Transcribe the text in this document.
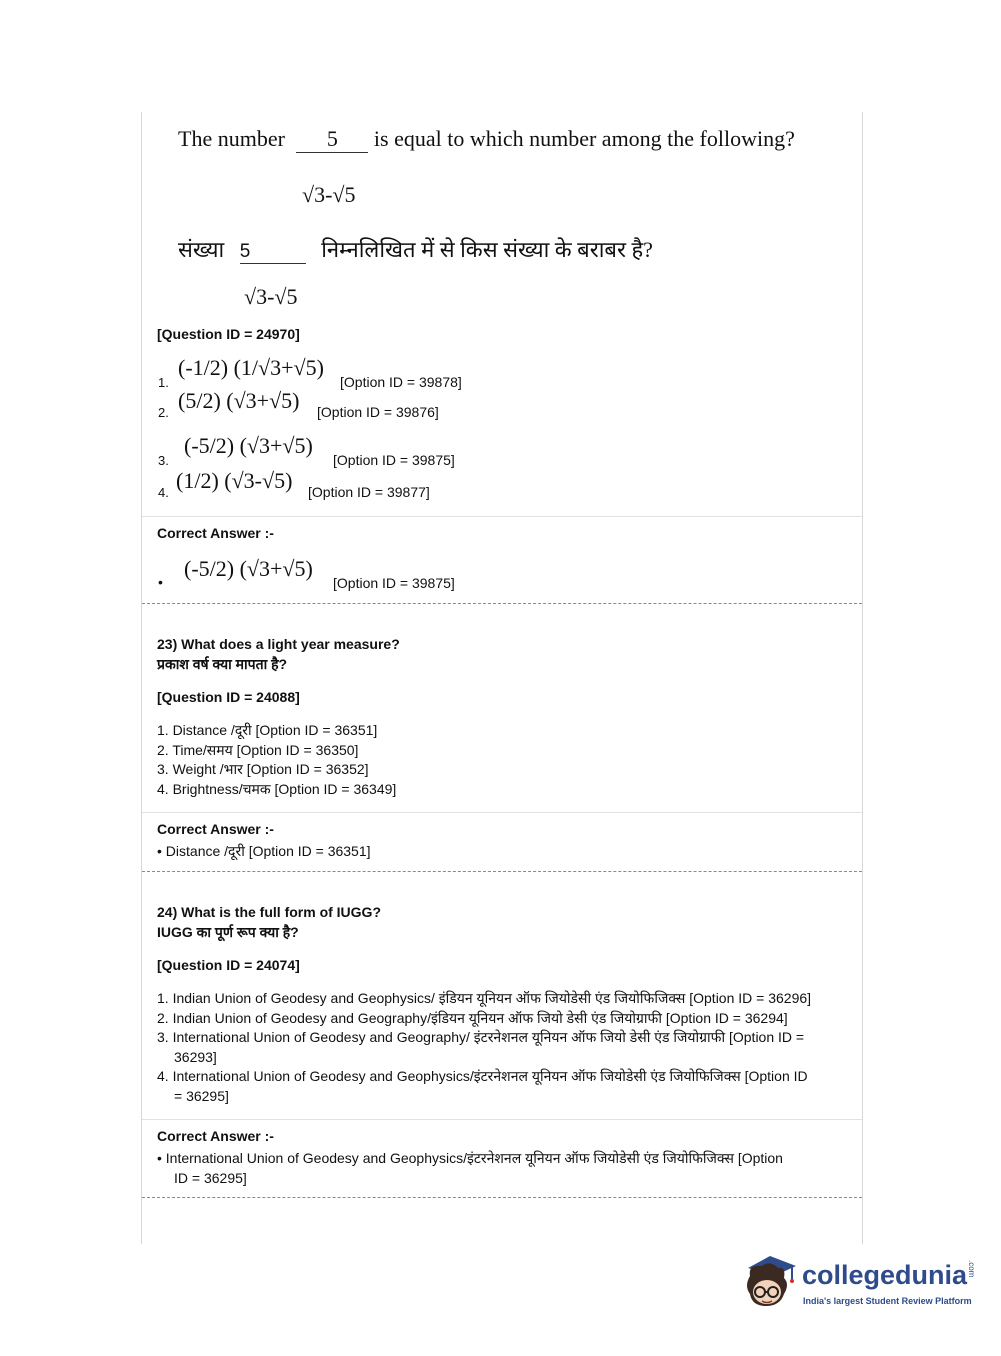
The number 5 is equal to which number among the following?
√3-√5
संख्या 5	निम्नलिखित में से किस संख्या के बराबर है?
√3-√5
[Question ID = 24970]
1.
(-1/2) (1/√3+√5)
[Option ID = 39878]
2. (5/2) (√3+√5) [Option ID = 39876]
3.
(-5/2) (√3+√5)
[Option ID = 39875]
4. (1/2) (√3-√5) [Option ID = 39877]
Correct Answer :-
•
(-5/2) (√3+√5)
[Option ID = 39875]
23) What does a light year measure?
प्रकाश वर्ष क्या मापता है?
[Question ID = 24088]
1. Distance /दूरी [Option ID = 36351]
2. Time/समय [Option ID = 36350]
3. Weight /भार [Option ID = 36352]
4. Brightness/चमक [Option ID = 36349]
Correct Answer :-
• Distance /दूरी [Option ID = 36351]
24) What is the full form of IUGG?
IUGG का पूर्ण रूप क्या है?
[Question ID = 24074]
1. Indian Union of Geodesy and Geophysics/ इंडियन यूनियन ऑफ जियोडेसी एंड जियोफिजिक्स [Option ID = 36296]
2. Indian Union of Geodesy and Geography/इंडियन यूनियन ऑफ जियो डेसी एंड जियोग्राफी [Option ID = 36294]
3. International Union of Geodesy and Geography/ इंटरनेशनल यूनियन ऑफ जियो डेसी एंड जियोग्राफी [Option ID =
36293]
4. International Union of Geodesy and Geophysics/इंटरनेशनल यूनियन ऑफ जियोडेसी एंड जियोफिजिक्स [Option ID
= 36295]
Correct Answer :-
• International Union of Geodesy and Geophysics/इंटरनेशनल यूनियन ऑफ जियोडेसी एंड जियोफिजिक्स [Option
ID = 36295]
collegedunia.com
India's largest Student Review Platform
